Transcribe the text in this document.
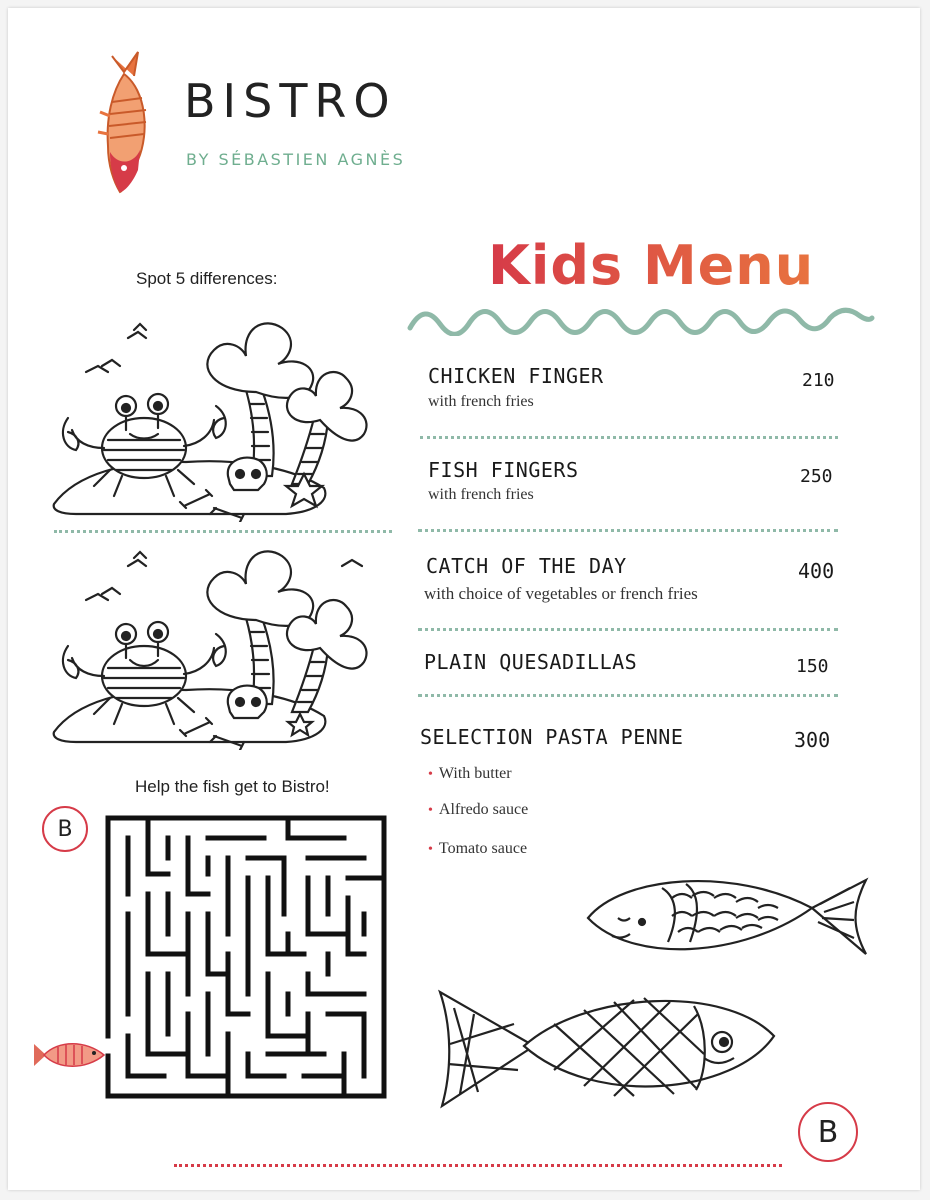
BISTRO
BY SÉBASTIEN AGNÈS
Kids Menu
CHICKEN FINGER	210
with french fries
FISH FINGERS	250
with french fries
CATCH OF THE DAY	400
with choice of vegetables or french fries
PLAIN QUESADILLAS	150
SELECTION PASTA PENNE	300
• With butter
• Alfredo sauce
• Tomato sauce
Spot 5 differences:
Help the fish get to Bistro!
B
B
